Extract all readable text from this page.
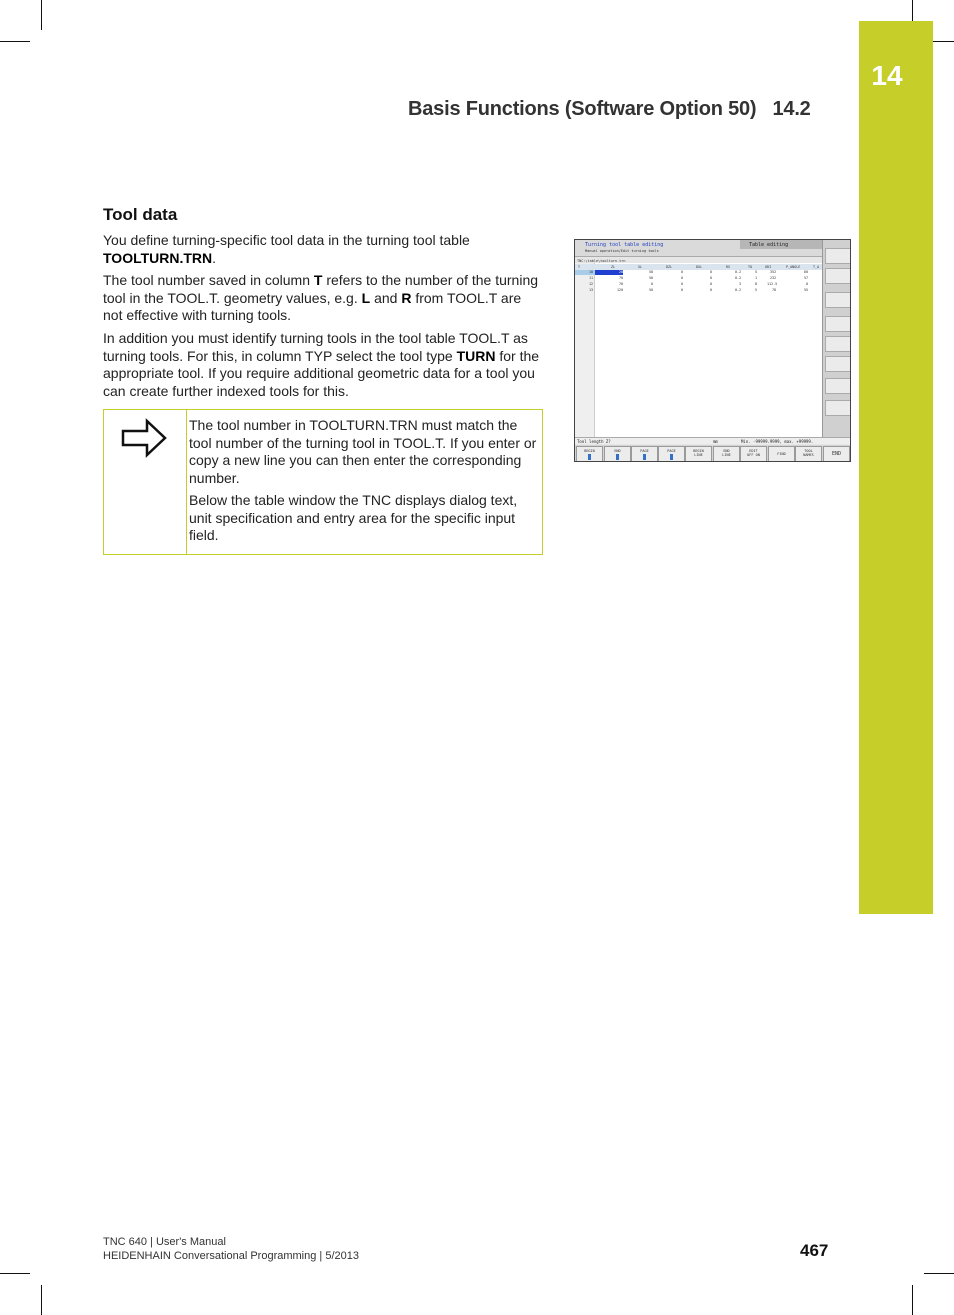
14
Basis Functions (Software Option 50) 14.2
Tool data
You define turning-specific tool data in the turning tool table TOOLTURN.TRN.
The tool number saved in column T refers to the number of the turning tool in the TOOL.T. geometry values, e.g. L and R from TOOL.T are not effective with turning tools.
In addition you must identify turning tools in the tool table TOOL.T as turning tools. For this, in column TYP select the tool type TURN for the appropriate tool. If you require additional geometric data for a tool you can create further indexed tools for this.
The tool number in TOOLTURN.TRN must match the tool number of the turning tool in TOOL.T. If you enter or copy a new line you can then enter the corresponding number.
Below the table window the TNC displays dialog text, unit specification and entry area for the specific input field.
Turning tool table editing
Manual operation/Edit turning tools
Table editing
TNC:\table\toolturn.trn
T	ZL	XL	DZL	DXL	RS	TO	ORI	P_ANGLE	T_A
10	20	50	0	0	0.2	5	352	60
11	70	50	0	0	0.2	1	232	57
12	70	0	0	0	3	8	112.5	0
13	120	50	0	0	0.2	5	78	55
Tool length Z?	mm	Min. -99999.9999, max. +99999.
BEGIN	END	PAGE	PAGE	BEGIN
LINE
END
LINE
EDIT
OFF ON	FIND
TOOL
NAMES	END
TNC 640 | User's Manual
HEIDENHAIN Conversational Programming | 5/2013	467
